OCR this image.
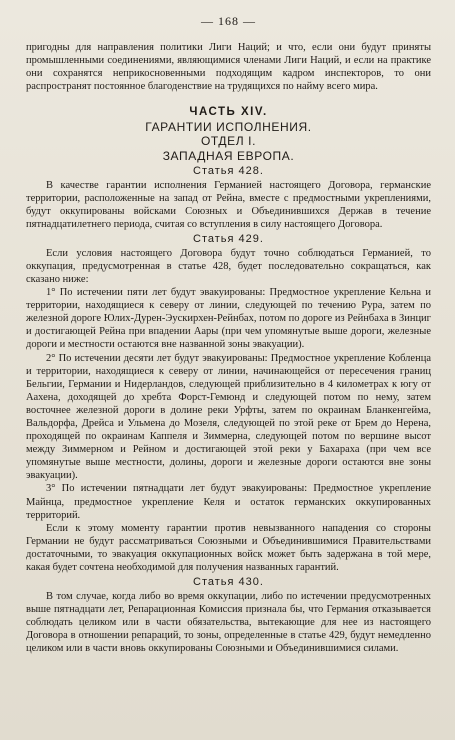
— 168 —

пригодны для направления политики Лиги Наций; и что, если они будут приняты промышленными соединениями, являющимися членами Лиги Наций, и если на практике они сохранятся неприкосновенными подходящим кадром инспекторов, то они распространят постоянное благоденствие на трудящихся по найму всего мира.

ЧАСТЬ XIV.
ГАРАНТИИ ИСПОЛНЕНИЯ.
ОТДЕЛ I.
ЗАПАДНАЯ ЕВРОПА.
Статья 428.

В качестве гарантии исполнения Германией настоящего Договора, германские территории, расположенные на запад от Рейна, вместе с предмостными укреплениями, будут оккупированы войсками Союзных и Объединившихся Держав в течение пятнадцатилетнего периода, считая со вступления в силу настоящего Договора.

Статья 429.

Если условия настоящего Договора будут точно соблюдаться Германией, то оккупация, предусмотренная в статье 428, будет последовательно сокращаться, как сказано ниже:

1° По истечении пяти лет будут эвакуированы: Предмостное укрепление Кельна и территории, находящиеся к северу от линии, следующей по течению Рура, затем по железной дороге Юлих-Дурен-Эускирхен-Рейнбах, потом по дороге из Рейнбаха в Зинциг и достигающей Рейна при впадении Аары (при чем упомянутые выше дороги, железные дороги и местности остаются вне названной зоны эвакуации).

2° По истечении десяти лет будут эвакуированы: Предмостное укрепление Кобленца и территории, находящиеся к северу от линии, начинающейся от пересечения границ Бельгии, Германии и Нидерландов, следующей приблизительно в 4 километрах к югу от Аахена, доходящей до хребта Форст-Гемюнд и следующей потом по нему, затем восточнее железной дороги в долине реки Урфты, затем по окраинам Бланкенгейма, Вальдорфа, Дрейса и Ульмена до Мозеля, следующей по этой реке от Брем до Нерена, проходящей по окраинам Каппеля и Зиммерна, следующей потом по вершине высот между Зиммерном и Рейном и достигающей этой реки у Бахараха (при чем все упомянутые выше местности, долины, дороги и железные дороги остаются вне зоны эвакуации).

3° По истечении пятнадцати лет будут эвакуированы: Предмостное укрепление Майнца, предмостное укрепление Келя и остаток германских оккупированных территорий.

Если к этому моменту гарантии против невызванного нападения со стороны Германии не будут рассматриваться Союзными и Объединившимися Правительствами достаточными, то эвакуация оккупационных войск может быть задержана в той мере, какая будет сочтена необходимой для получения названных гарантий.

Статья 430.

В том случае, когда либо во время оккупации, либо по истечении предусмотренных выше пятнадцати лет, Репарационная Комиссия признала бы, что Германия отказывается соблюдать целиком или в части обязательства, вытекающие для нее из настоящего Договора в отношении репараций, то зоны, определенные в статье 429, будут немедленно целиком или в части вновь оккупированы Союзными и Объединившимися силами.
